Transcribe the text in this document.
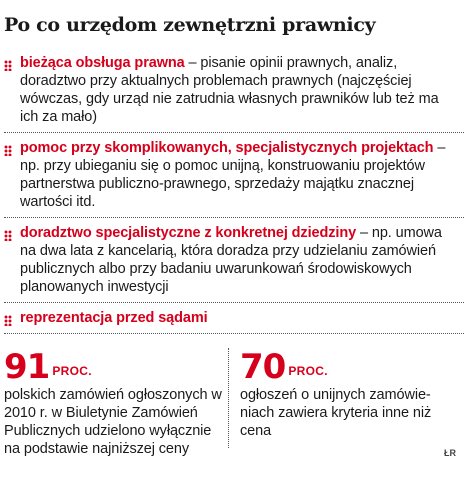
Po co urzędom zewnętrzni prawnicy

bieżąca obsługa prawna – pisanie opinii prawnych, analiz, doradztwo przy aktualnych problemach prawnych (najczęściej wówczas, gdy urząd nie zatrudnia własnych prawników lub też ma ich za mało)

pomoc przy skomplikowanych, specjalistycznych projektach – np. przy ubieganiu się o pomoc unijną, konstruowaniu projektów partnerstwa publiczno-prawnego, sprzedaży majątku znacznej wartości itd.

doradztwo specjalistyczne z konkretnej dziedziny – np. umowa na dwa lata z kancelarią, która doradza przy udzielaniu zamówień publicznych albo przy badaniu uwarunkowań środowiskowych planowanych inwestycji

reprezentacja przed sądami

91 PROC.
polskich zamówień ogłoszonych w 2010 r. w Biuletynie Zamówień Publicznych udzielono wyłącznie na podstawie najniższej ceny
70 PROC.
ogłoszeń o unijnych zamówie-niach zawiera kryteria inne niż cena
ŁR
